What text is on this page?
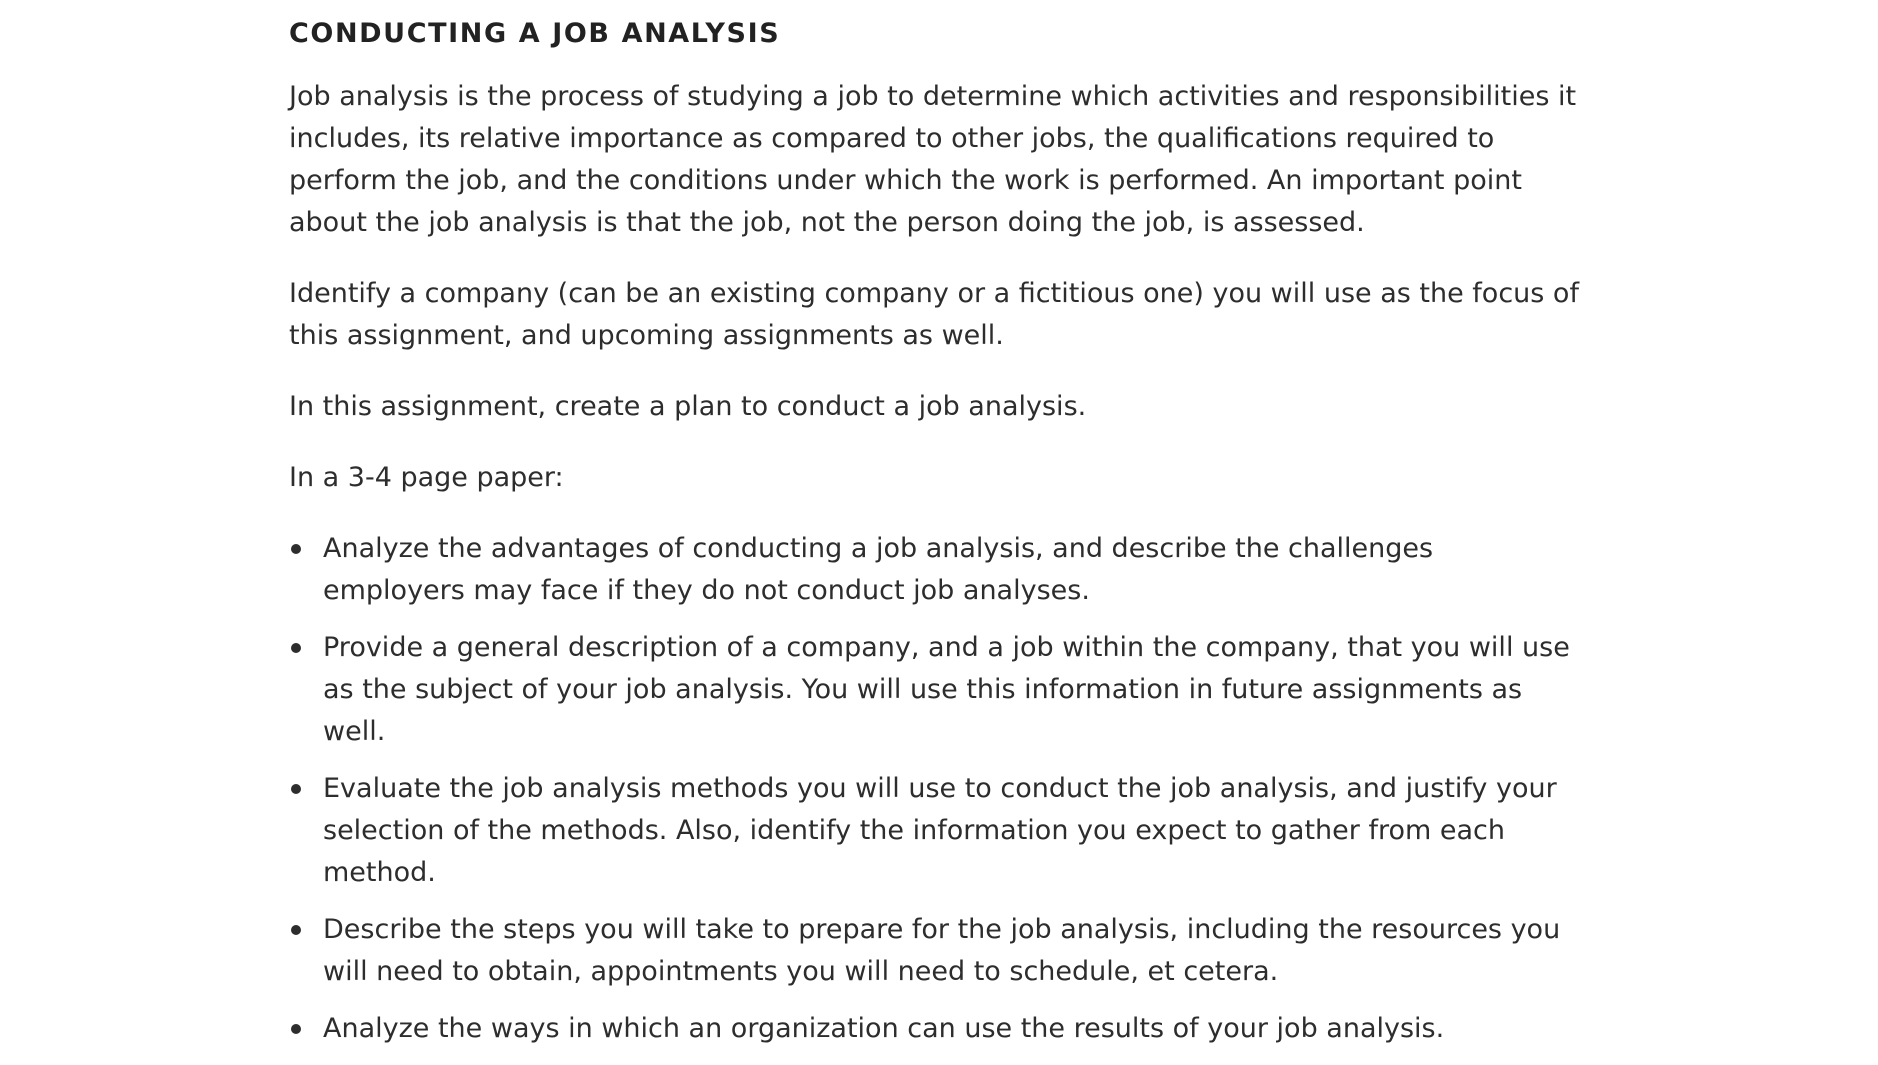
CONDUCTING A JOB ANALYSIS

Job analysis is the process of studying a job to determine which activities and responsibilities it includes, its relative importance as compared to other jobs, the qualifications required to perform the job, and the conditions under which the work is performed. An important point about the job analysis is that the job, not the person doing the job, is assessed.

Identify a company (can be an existing company or a fictitious one) you will use as the focus of this assignment, and upcoming assignments as well.

In this assignment, create a plan to conduct a job analysis.

In a 3-4 page paper:

Analyze the advantages of conducting a job analysis, and describe the challenges employers may face if they do not conduct job analyses.
Provide a general description of a company, and a job within the company, that you will use as the subject of your job analysis. You will use this information in future assignments as well.
Evaluate the job analysis methods you will use to conduct the job analysis, and justify your selection of the methods. Also, identify the information you expect to gather from each method.
Describe the steps you will take to prepare for the job analysis, including the resources you will need to obtain, appointments you will need to schedule, et cetera.
Analyze the ways in which an organization can use the results of your job analysis.
